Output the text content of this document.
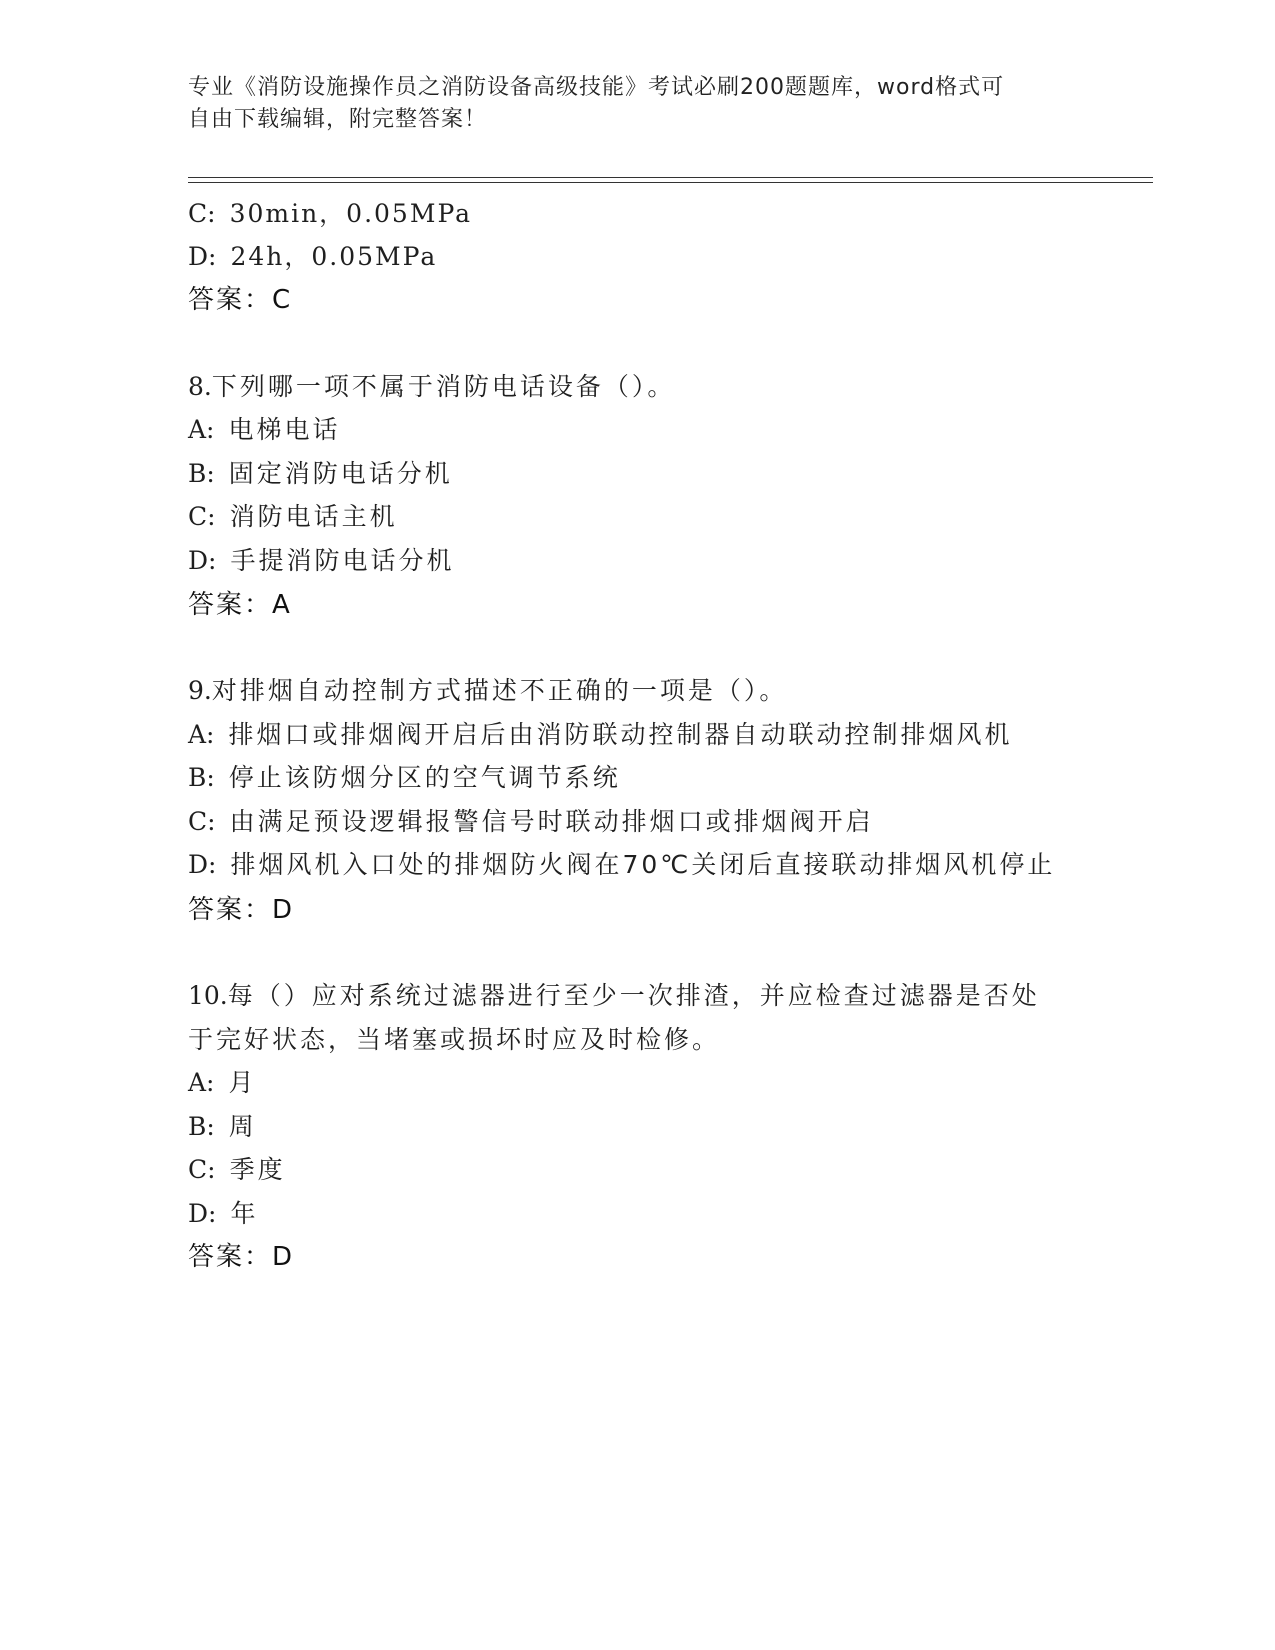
专业《消防设施操作员之消防设备高级技能》考试必刷200题题库，word格式可
自由下载编辑，附完整答案！
C: 30min，0.05MPa
D: 24h，0.05MPa
答案：C
8.下列哪一项不属于消防电话设备（）。
A: 电梯电话
B: 固定消防电话分机
C: 消防电话主机
D: 手提消防电话分机
答案：A
9.对排烟自动控制方式描述不正确的一项是（）。
A: 排烟口或排烟阀开启后由消防联动控制器自动联动控制排烟风机
B: 停止该防烟分区的空气调节系统
C: 由满足预设逻辑报警信号时联动排烟口或排烟阀开启
D: 排烟风机入口处的排烟防火阀在70℃关闭后直接联动排烟风机停止
答案：D
10.每（）应对系统过滤器进行至少一次排渣，并应检查过滤器是否处
于完好状态，当堵塞或损坏时应及时检修。
A: 月
B: 周
C: 季度
D: 年
答案：D
